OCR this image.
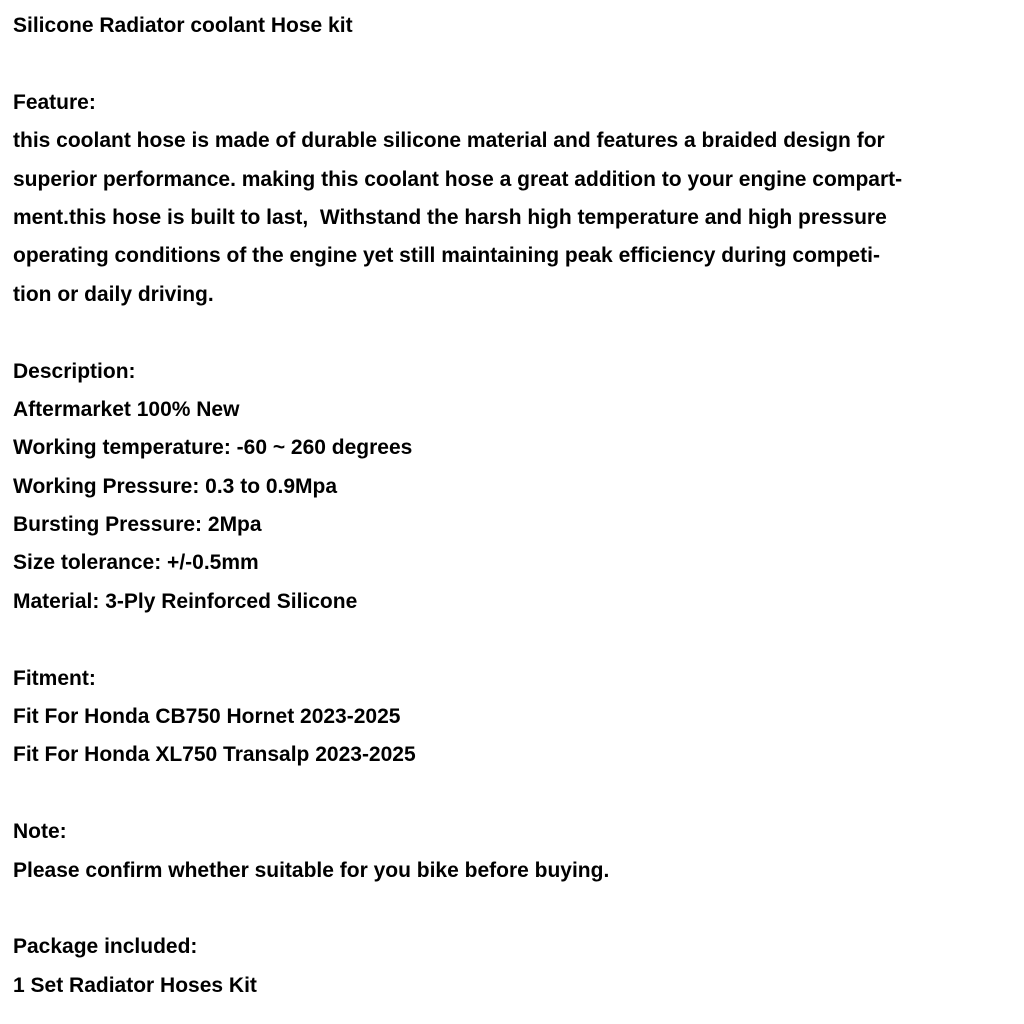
Silicone Radiator coolant Hose kit
Feature:
this coolant hose is made of durable silicone material and features a braided design for
superior performance. making this coolant hose a great addition to your engine compart-
ment.this hose is built to last,  Withstand the harsh high temperature and high pressure
operating conditions of the engine yet still maintaining peak efficiency during competi-
tion or daily driving.
Description:
Aftermarket 100% New
Working temperature: -60 ~ 260 degrees
Working Pressure: 0.3 to 0.9Mpa
Bursting Pressure: 2Mpa
Size tolerance: +/-0.5mm
Material: 3-Ply Reinforced Silicone
Fitment:
Fit For Honda CB750 Hornet 2023-2025
Fit For Honda XL750 Transalp 2023-2025
Note:
Please confirm whether suitable for you bike before buying.
Package included:
1 Set Radiator Hoses Kit
